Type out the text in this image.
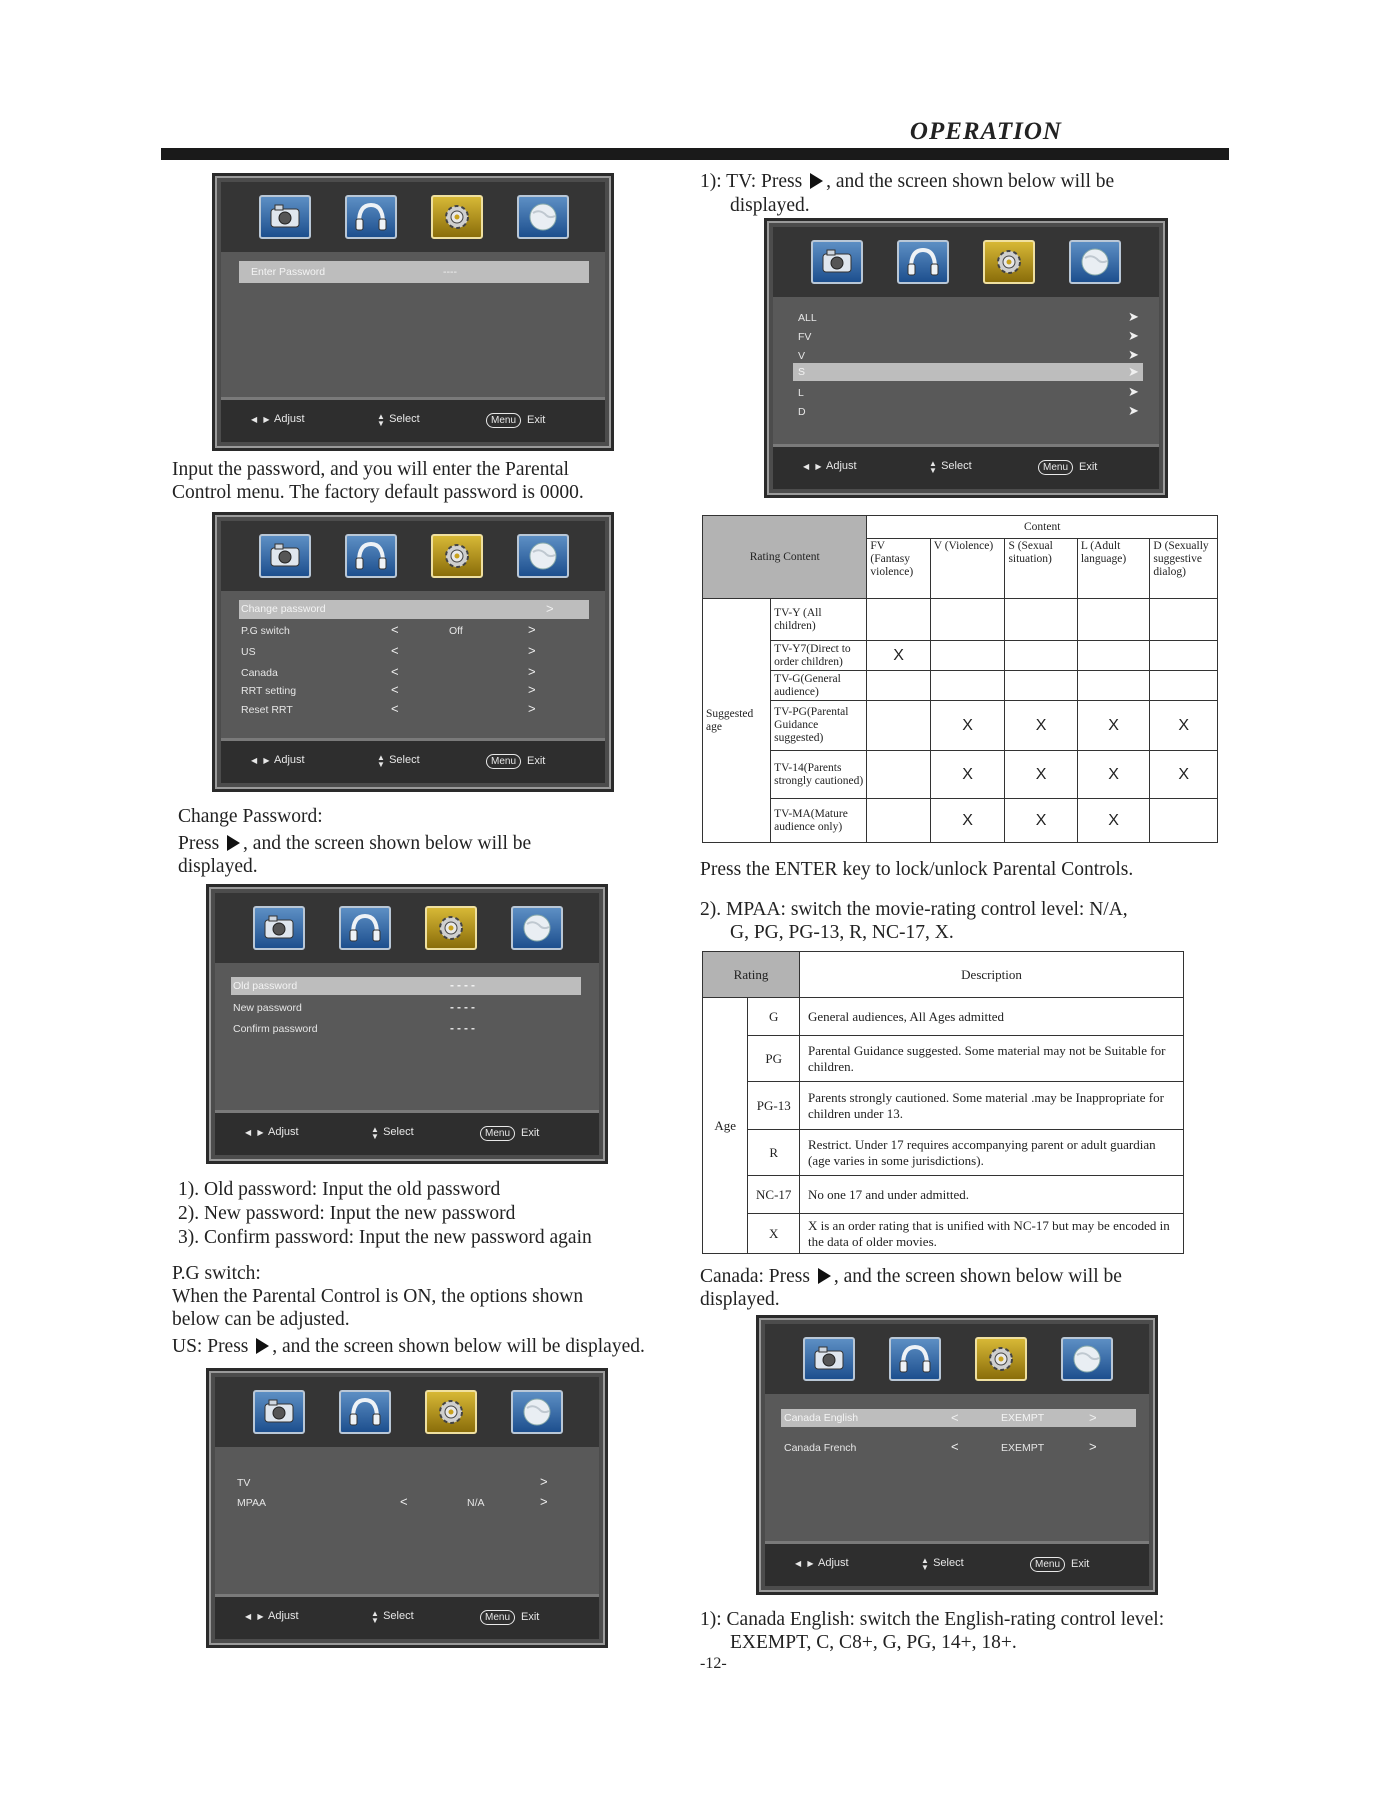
OPERATION
Enter Password	----
◀ ▶ Adjust	▲
▼ Select	Menu Exit
Input the password, and you will enter the Parental
Control menu. The factory default password is 0000.
Change password	>
P.G switch	<	Off	>
US	<	>
Canada	<	>
RRT setting	<	>
Reset RRT	<	>
◀ ▶ Adjust	▲
▼ Select	Menu Exit
Change Password:
Press , and the screen shown below will be
displayed.
Old password	----
New password	----
Confirm password	----
◀ ▶ Adjust	▲
▼ Select	Menu Exit
1). Old password: Input the old password
2). New password: Input the new password
3). Confirm password: Input the new password again
P.G switch:
When the Parental Control is ON, the options shown
below can be adjusted.
US: Press , and the screen shown below will be displayed.
TV	>
MPAA	<	N/A	>
◀ ▶ Adjust	▲
▼ Select	Menu Exit
1): TV: Press , and the screen shown below will be
displayed.
ALL	➤
FV	➤
V	➤
S	➤
L	➤
D	➤
◀ ▶ Adjust	▲
▼ Select	Menu Exit
Rating Content		Content				
		FV (Fantasy violence)	V (Violence)	S (Sexual situation)	L (Adult language)	D (Sexually suggestive dialog)
Suggested age	TV-Y (All children)					
	TV-Y7(Direct to order children)	X				
	TV-G(General audience)					
	TV-PG(Parental Guidance suggested)		X	X	X	X
	TV-14(Parents strongly cautioned)		X	X	X	X
	TV-MA(Mature audience only)		X	X	X	
Press the ENTER key to lock/unlock Parental Controls.
2). MPAA: switch the movie-rating control level: N/A,
G, PG, PG-13, R, NC-17, X.
Rating		Description
Age	G	General audiences, All Ages admitted
	PG	Parental Guidance suggested. Some material may not be Suitable for children.
	PG-13	Parents strongly cautioned. Some material .may be Inappropriate for children under 13.
	R	Restrict. Under 17 requires accompanying parent or adult guardian (age varies in some jurisdictions).
	NC-17	No one 17 and under admitted.
	X	X is an order rating that is unified with NC-17 but may be encoded in the data of older movies.
Canada: Press , and the screen shown below will be
displayed.
Canada English	<	EXEMPT	>
Canada French	<	EXEMPT	>
◀ ▶ Adjust	▲
▼ Select	Menu Exit
1): Canada English: switch the English-rating control level:
EXEMPT, C, C8+, G, PG, 14+, 18+.
-12-
